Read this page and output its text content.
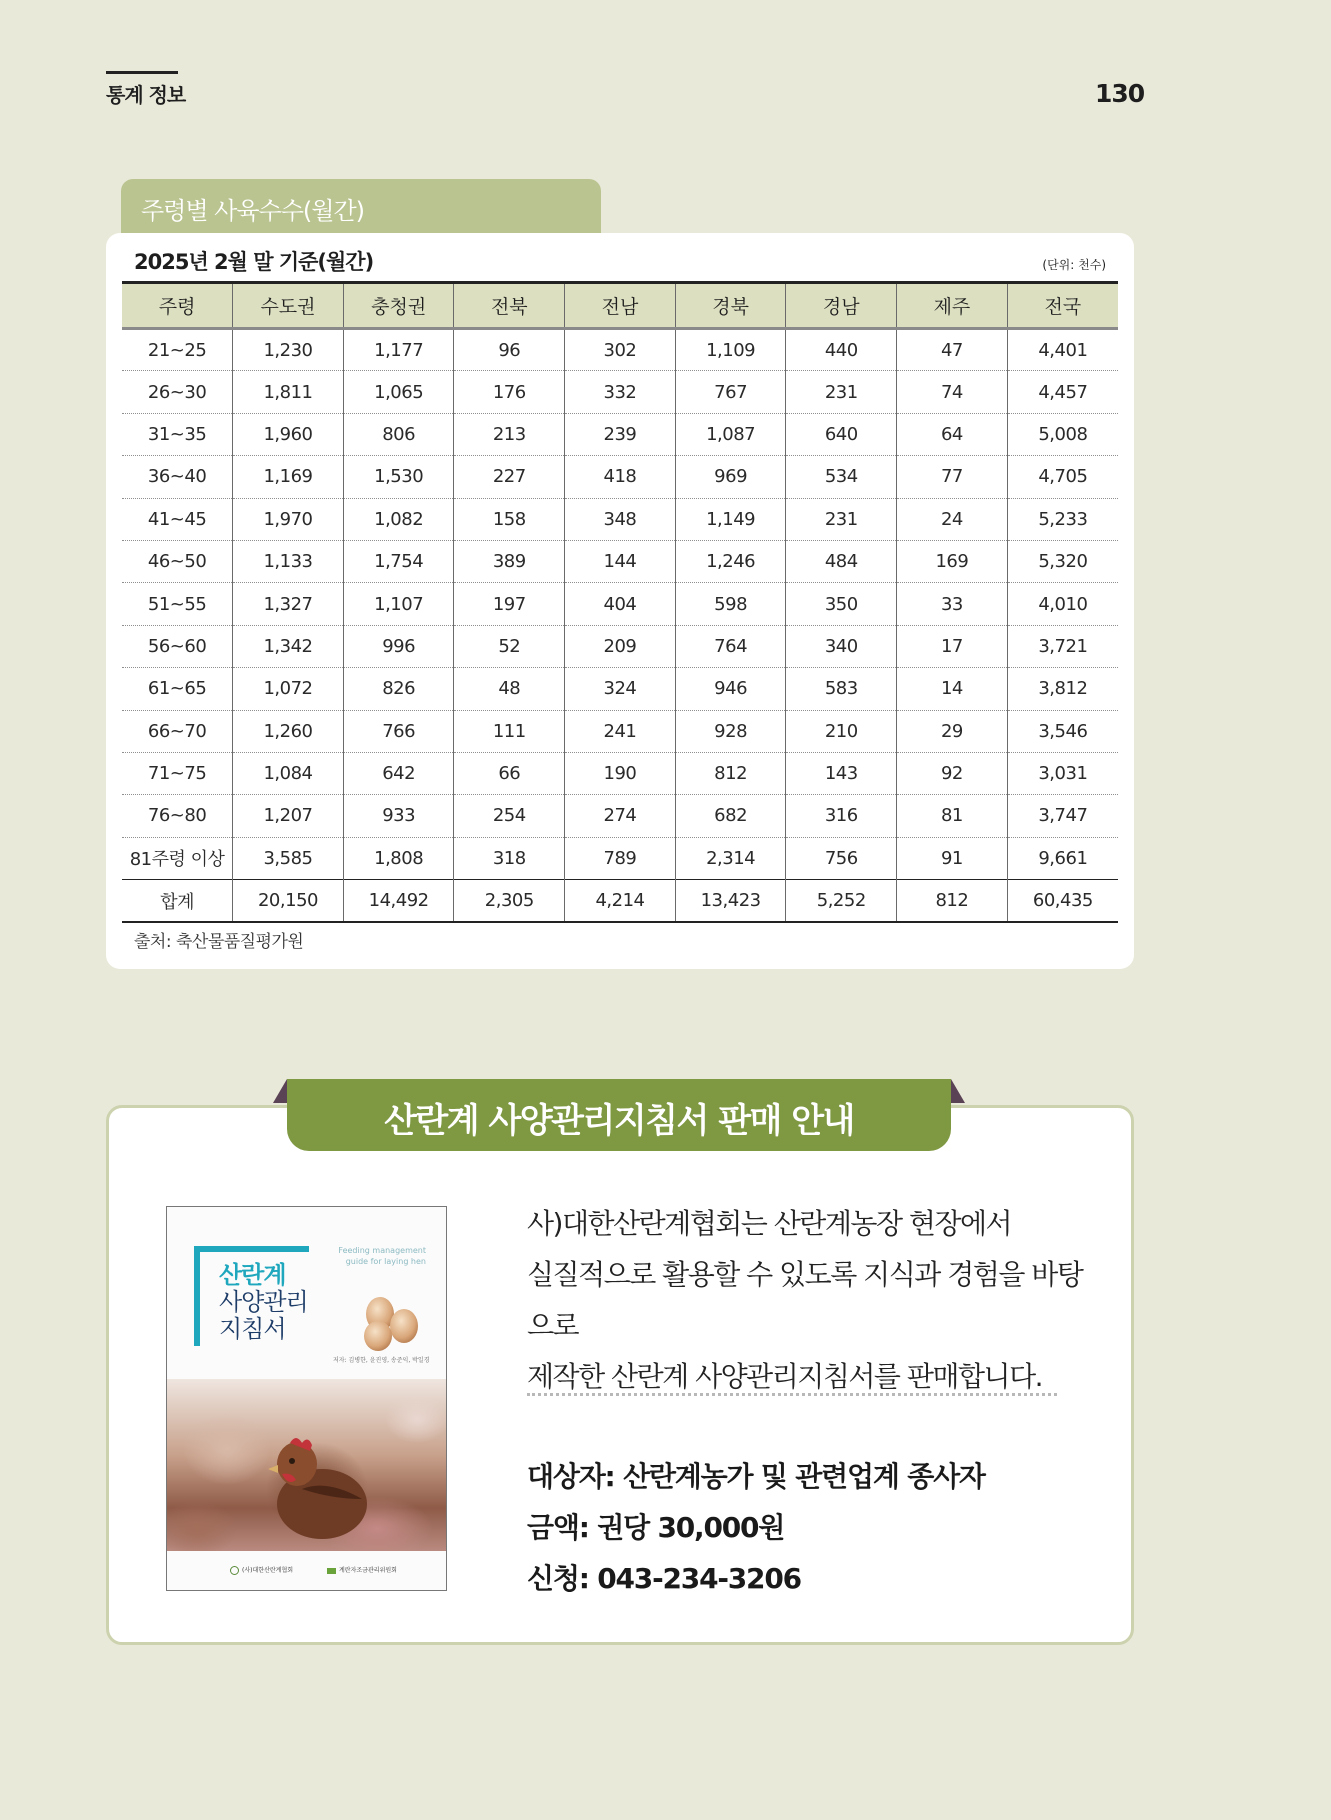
통계 정보	130
주령별 사육수수(월간)
2025년 2월 말 기준(월간)	(단위: 천수)
주령	수도권	충청권	전북	전남	경북	경남	제주	전국
21~25	1,230	1,177	96	302	1,109	440	47	4,401
26~30	1,811	1,065	176	332	767	231	74	4,457
31~35	1,960	806	213	239	1,087	640	64	5,008
36~40	1,169	1,530	227	418	969	534	77	4,705
41~45	1,970	1,082	158	348	1,149	231	24	5,233
46~50	1,133	1,754	389	144	1,246	484	169	5,320
51~55	1,327	1,107	197	404	598	350	33	4,010
56~60	1,342	996	52	209	764	340	17	3,721
61~65	1,072	826	48	324	946	583	14	3,812
66~70	1,260	766	111	241	928	210	29	3,546
71~75	1,084	642	66	190	812	143	92	3,031
76~80	1,207	933	254	274	682	316	81	3,747
81주령 이상	3,585	1,808	318	789	2,314	756	91	9,661
합계	20,150	14,492	2,305	4,214	13,423	5,252	812	60,435
출처: 축산물품질평가원
산란계 사양관리지침서 판매 안내
Feeding management guide for laying hen
산란계
사양관리
지침서
저자: 김병한, 윤진영, 송준익, 박일경
(사)대한산란계협회	계란자조금관리위원회
사)대한산란계협회는 산란계농장 현장에서
실질적으로 활용할 수 있도록 지식과 경험을 바탕으로
제작한 산란계 사양관리지침서를 판매합니다.
대상자: 산란계농가 및 관련업계 종사자
금액: 권당 30,000원
신청: 043-234-3206
